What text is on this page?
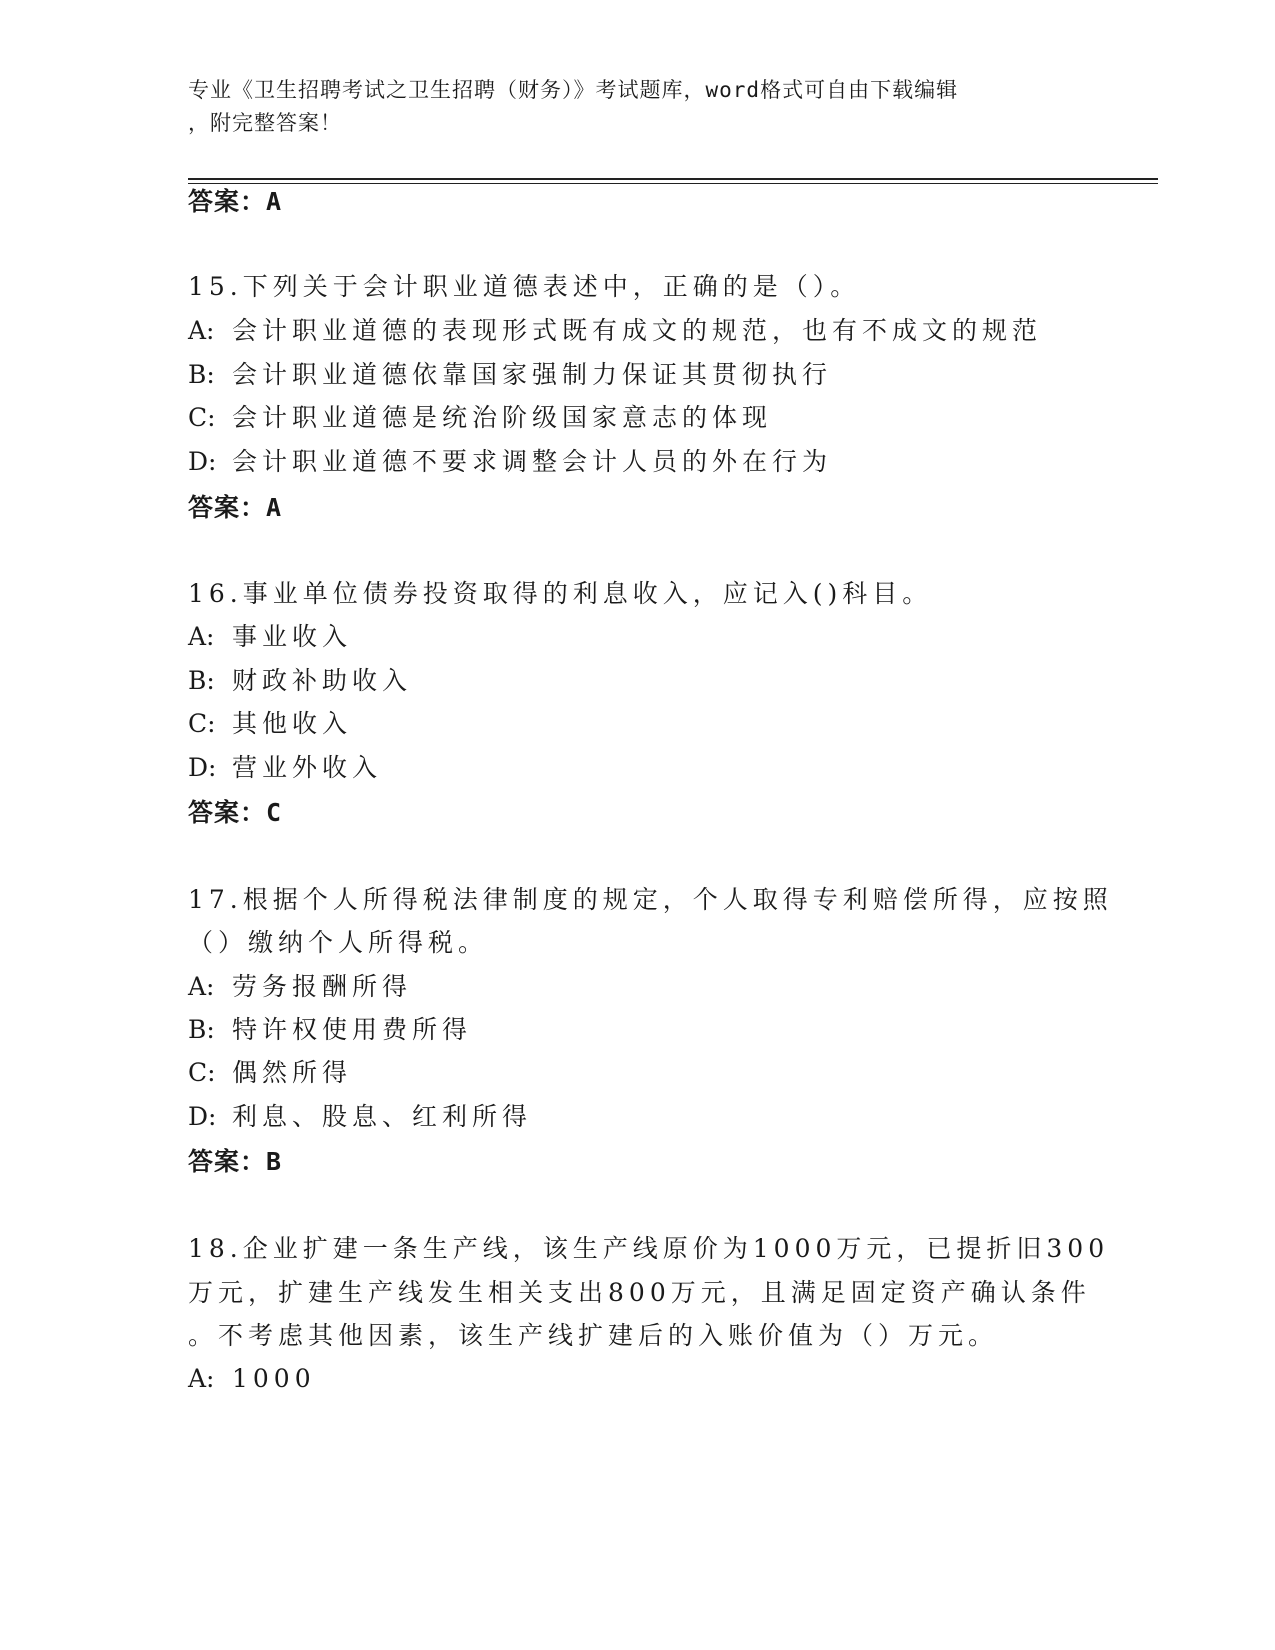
专业《卫生招聘考试之卫生招聘（财务）》考试题库，word格式可自由下载编辑
，附完整答案！
答案：A
15.下列关于会计职业道德表述中，正确的是（）。
A: 会计职业道德的表现形式既有成文的规范，也有不成文的规范
B: 会计职业道德依靠国家强制力保证其贯彻执行
C: 会计职业道德是统治阶级国家意志的体现
D: 会计职业道德不要求调整会计人员的外在行为
答案：A
16.事业单位债券投资取得的利息收入，应记入()科目。
A: 事业收入
B: 财政补助收入
C: 其他收入
D: 营业外收入
答案：C
17.根据个人所得税法律制度的规定，个人取得专利赔偿所得，应按照
（）缴纳个人所得税。
A: 劳务报酬所得
B: 特许权使用费所得
C: 偶然所得
D: 利息、股息、红利所得
答案：B
18.企业扩建一条生产线，该生产线原价为1000万元，已提折旧300
万元，扩建生产线发生相关支出800万元，且满足固定资产确认条件
。不考虑其他因素，该生产线扩建后的入账价值为（）万元。
A: 1000
